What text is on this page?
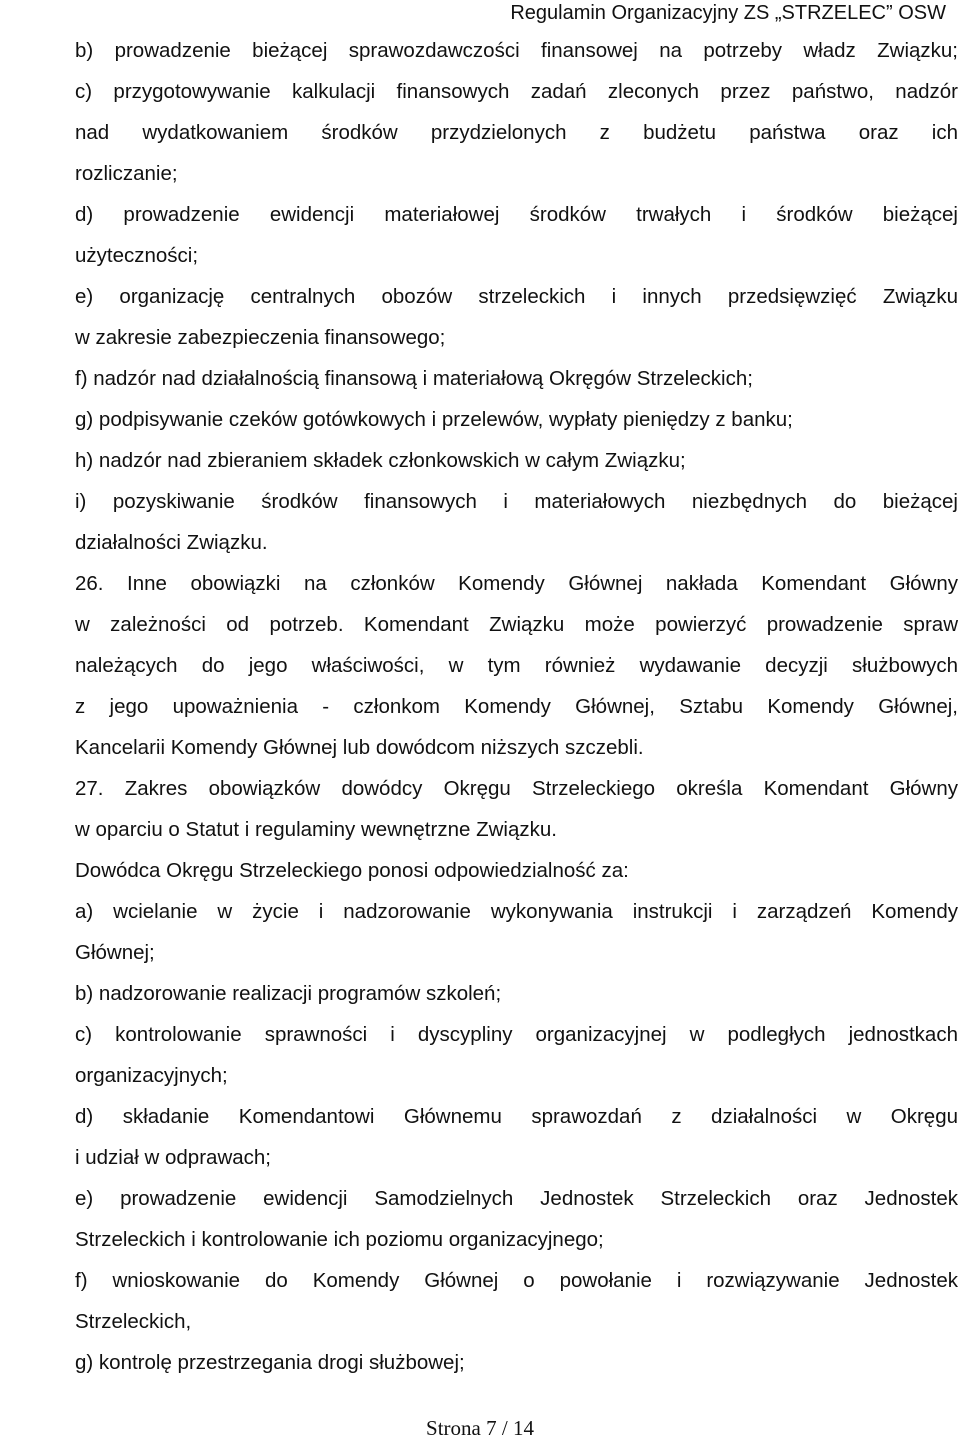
Regulamin Organizacyjny ZS „STRZELEC” OSW
b) prowadzenie bieżącej sprawozdawczości finansowej na potrzeby władz Związku;
c) przygotowywanie kalkulacji finansowych zadań zleconych przez państwo, nadzór
nad wydatkowaniem środków przydzielonych z budżetu państwa oraz ich
rozliczanie;
d) prowadzenie ewidencji materiałowej środków trwałych i środków bieżącej
użyteczności;
e) organizację centralnych obozów strzeleckich i innych przedsięwzięć Związku
w zakresie zabezpieczenia finansowego;
f) nadzór nad działalnością finansową i materiałową Okręgów Strzeleckich;
g) podpisywanie czeków gotówkowych i przelewów, wypłaty pieniędzy z banku;
h) nadzór nad zbieraniem składek członkowskich w całym Związku;
i) pozyskiwanie środków finansowych i materiałowych niezbędnych do bieżącej
działalności Związku.
26. Inne obowiązki na członków Komendy Głównej nakłada Komendant Główny
w zależności od potrzeb. Komendant Związku może powierzyć prowadzenie spraw
należących do jego właściwości, w tym również wydawanie decyzji służbowych
z jego upoważnienia - członkom Komendy Głównej, Sztabu Komendy Głównej,
Kancelarii Komendy Głównej lub dowódcom niższych szczebli.
27. Zakres obowiązków dowódcy Okręgu Strzeleckiego określa Komendant Główny
w oparciu o Statut i regulaminy wewnętrzne Związku.
Dowódca Okręgu Strzeleckiego ponosi odpowiedzialność za:
a) wcielanie w życie i nadzorowanie wykonywania instrukcji i zarządzeń Komendy
Głównej;
b) nadzorowanie realizacji programów szkoleń;
c) kontrolowanie sprawności i dyscypliny organizacyjnej w podległych jednostkach
organizacyjnych;
d) składanie Komendantowi Głównemu sprawozdań z działalności w Okręgu
i udział w odprawach;
e) prowadzenie ewidencji Samodzielnych Jednostek Strzeleckich oraz Jednostek
Strzeleckich i kontrolowanie ich poziomu organizacyjnego;
f) wnioskowanie do Komendy Głównej o powołanie i rozwiązywanie Jednostek
Strzeleckich,
g) kontrolę przestrzegania drogi służbowej;
Strona 7 / 14
